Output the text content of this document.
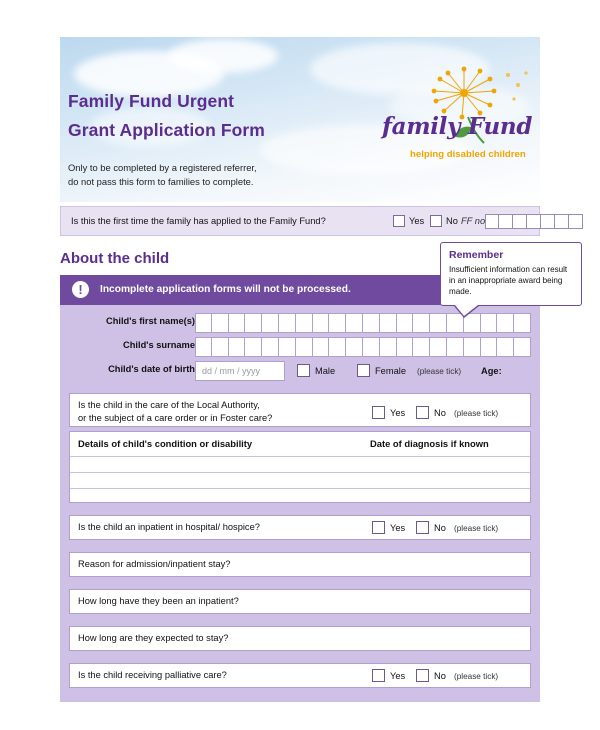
Family Fund Urgent
Grant Application Form
Only to be completed by a registered referrer,
do not pass this form to families to complete.
family Fund
helping disabled children
Is this the first time the family has applied to the Family Fund?	Yes No FF no
About the child
!	Incomplete application forms will not be processed.
Remember
Insufficient information can result in an inappropriate award being made.
Child's first name(s)
Child's surname
Child's date of birth dd / mm / yyyy	Male	Female (please tick) Age:
Is the child in the care of the Local Authority,
or the subject of a care order or in Foster care?	Yes	No (please tick)
Details of child's condition or disability	Date of diagnosis if known
Is the child an inpatient in hospital/ hospice?	Yes	No (please tick)
Reason for admission/inpatient stay?
How long have they been an inpatient?
How long are they expected to stay?
Is the child receiving palliative care?	Yes	No (please tick)
